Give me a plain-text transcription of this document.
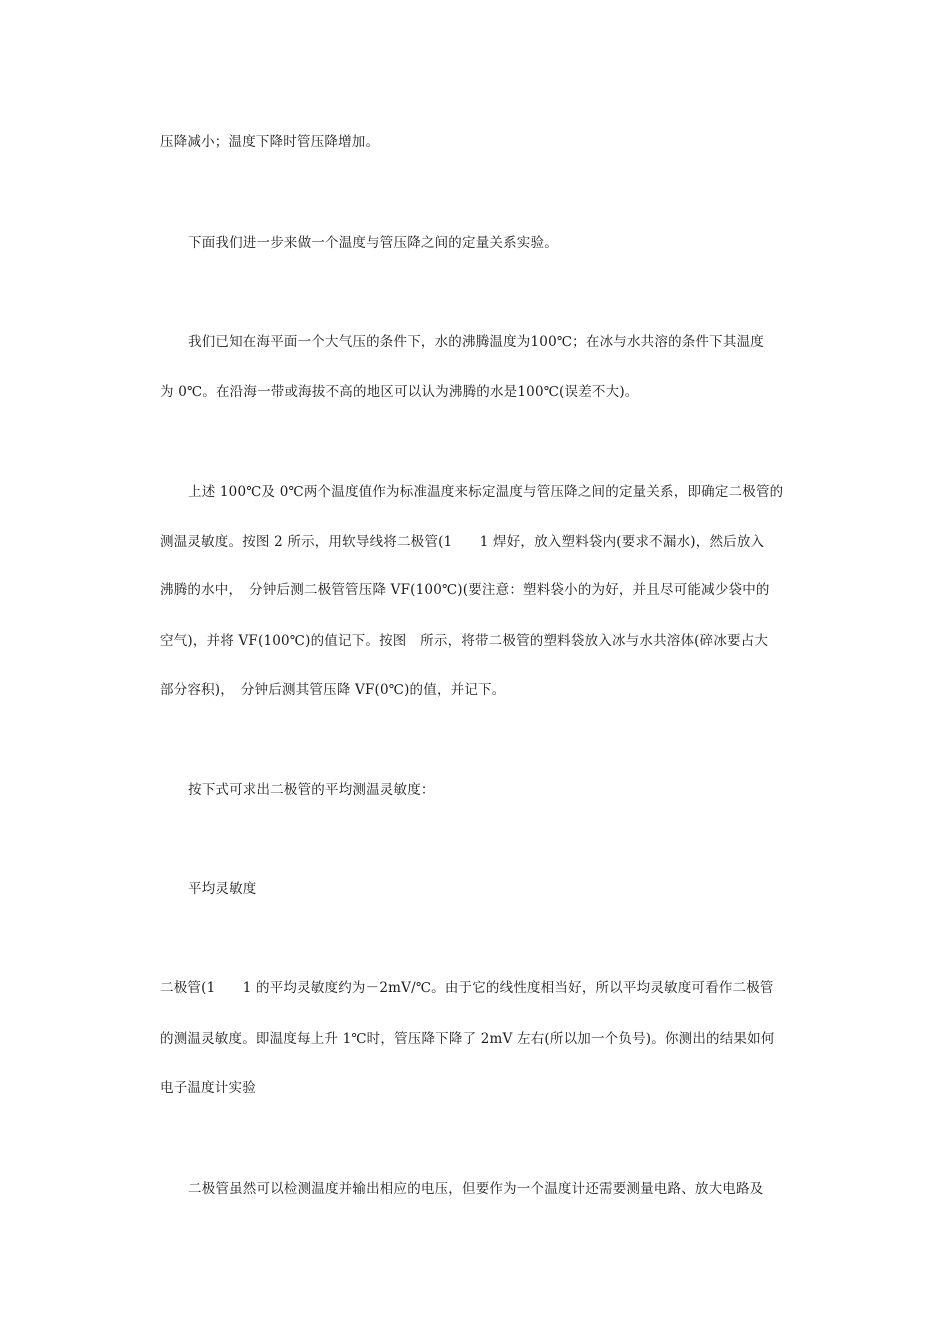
压降减小；温度下降时管压降增加。
下面我们进一步来做一个温度与管压降之间的定量关系实验。
我们已知在海平面一个大气压的条件下，水的沸腾温度为100℃；在冰与水共溶的条件下其温度
为 0℃。在沿海一带或海拔不高的地区可以认为沸腾的水是100℃(误差不大)。
上述 100℃及 0℃两个温度值作为标准温度来标定温度与管压降之间的定量关系，即确定二极管的
测温灵敏度。按图 2 所示，用软导线将二极管(1　　1 焊好，放入塑料袋内(要求不漏水)，然后放入
沸腾的水中，　分钟后测二极管管压降 VF(100℃)(要注意：塑料袋小的为好，并且尽可能减少袋中的
空气)，并将 VF(100℃)的值记下。按图　所示，将带二极管的塑料袋放入冰与水共溶体(碎冰要占大
部分容积)，　分钟后测其管压降 VF(0℃)的值，并记下。
按下式可求出二极管的平均测温灵敏度：
平均灵敏度
二极管(1　　1 的平均灵敏度约为－2mV/℃。由于它的线性度相当好，所以平均灵敏度可看作二极管
的测温灵敏度。即温度每上升 1℃时，管压降下降了 2mV 左右(所以加一个负号)。你测出的结果如何
电子温度计实验
二极管虽然可以检测温度并输出相应的电压，但要作为一个温度计还需要测量电路、放大电路及
